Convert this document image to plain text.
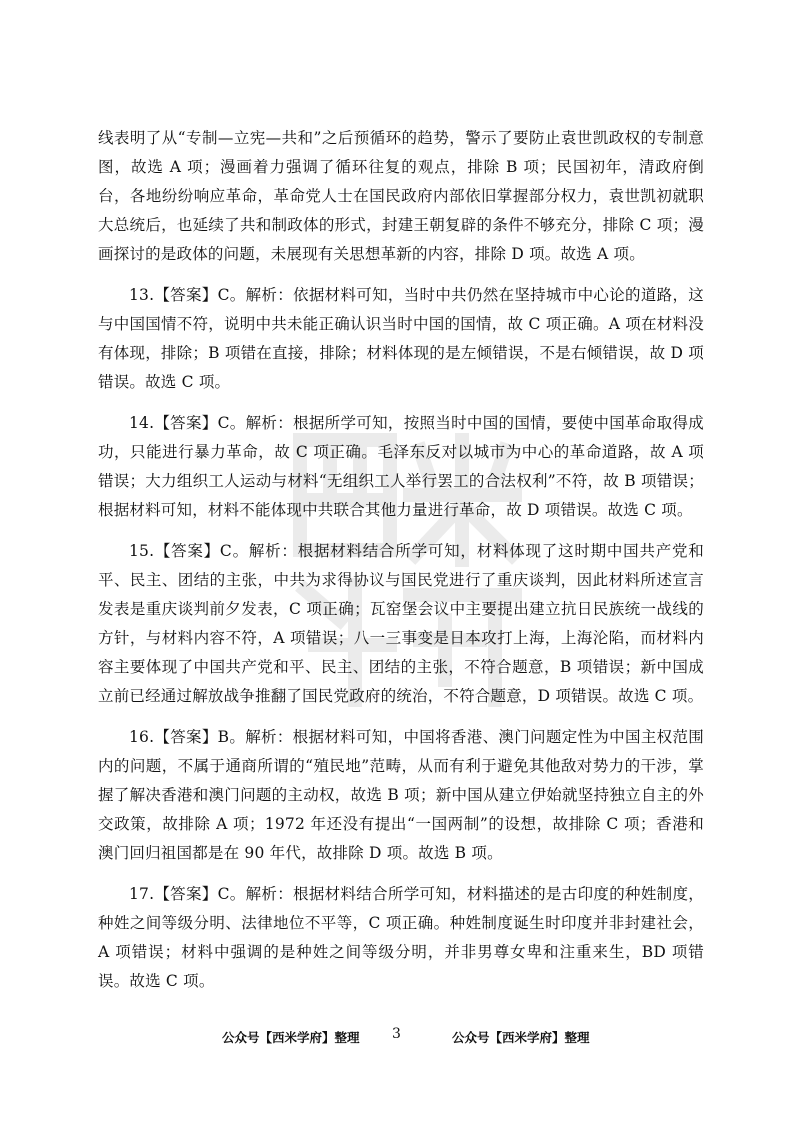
线表明了从“专制—立宪—共和”之后预循环的趋势，警示了要防止袁世凯政权的专制意图，故选 A 项；漫画着力强调了循环往复的观点，排除 B 项；民国初年，清政府倒台，各地纷纷响应革命，革命党人士在国民政府内部依旧掌握部分权力，袁世凯初就职大总统后，也延续了共和制政体的形式，封建王朝复辟的条件不够充分，排除 C 项；漫画探讨的是政体的问题，未展现有关思想革新的内容，排除 D 项。故选 A 项。

13.【答案】C。解析：依据材料可知，当时中共仍然在坚持城市中心论的道路，这与中国国情不符，说明中共未能正确认识当时中国的国情，故 C 项正确。A 项在材料没有体现，排除；B 项错在直接，排除；材料体现的是左倾错误，不是右倾错误，故 D 项错误。故选 C 项。

14.【答案】C。解析：根据所学可知，按照当时中国的国情，要使中国革命取得成功，只能进行暴力革命，故 C 项正确。毛泽东反对以城市为中心的革命道路，故 A 项错误；大力组织工人运动与材料“无组织工人举行罢工的合法权利”不符，故 B 项错误；根据材料可知，材料不能体现中共联合其他力量进行革命，故 D 项错误。故选 C 项。

15.【答案】C。解析：根据材料结合所学可知，材料体现了这时期中国共产党和平、民主、团结的主张，中共为求得协议与国民党进行了重庆谈判，因此材料所述宣言发表是重庆谈判前夕发表，C 项正确；瓦窑堡会议中主要提出建立抗日民族统一战线的方针，与材料内容不符，A 项错误；八一三事变是日本攻打上海，上海沦陷，而材料内容主要体现了中国共产党和平、民主、团结的主张，不符合题意，B 项错误；新中国成立前已经通过解放战争推翻了国民党政府的统治，不符合题意，D 项错误。故选 C 项。

16.【答案】B。解析：根据材料可知，中国将香港、澳门问题定性为中国主权范围内的问题，不属于通商所谓的“殖民地”范畴，从而有利于避免其他敌对势力的干涉，掌握了解决香港和澳门问题的主动权，故选 B 项；新中国从建立伊始就坚持独立自主的外交政策，故排除 A 项；1972 年还没有提出“一国两制”的设想，故排除 C 项；香港和澳门回归祖国都是在 90 年代，故排除 D 项。故选 B 项。

17.【答案】C。解析：根据材料结合所学可知，材料描述的是古印度的种姓制度，种姓之间等级分明、法律地位不平等，C 项正确。种姓制度诞生时印度并非封建社会，A 项错误；材料中强调的是种姓之间等级分明，并非男尊女卑和注重来生，BD 项错误。故选 C 项。

公众号【西米学府】整理 3	公众号【西米学府】整理
